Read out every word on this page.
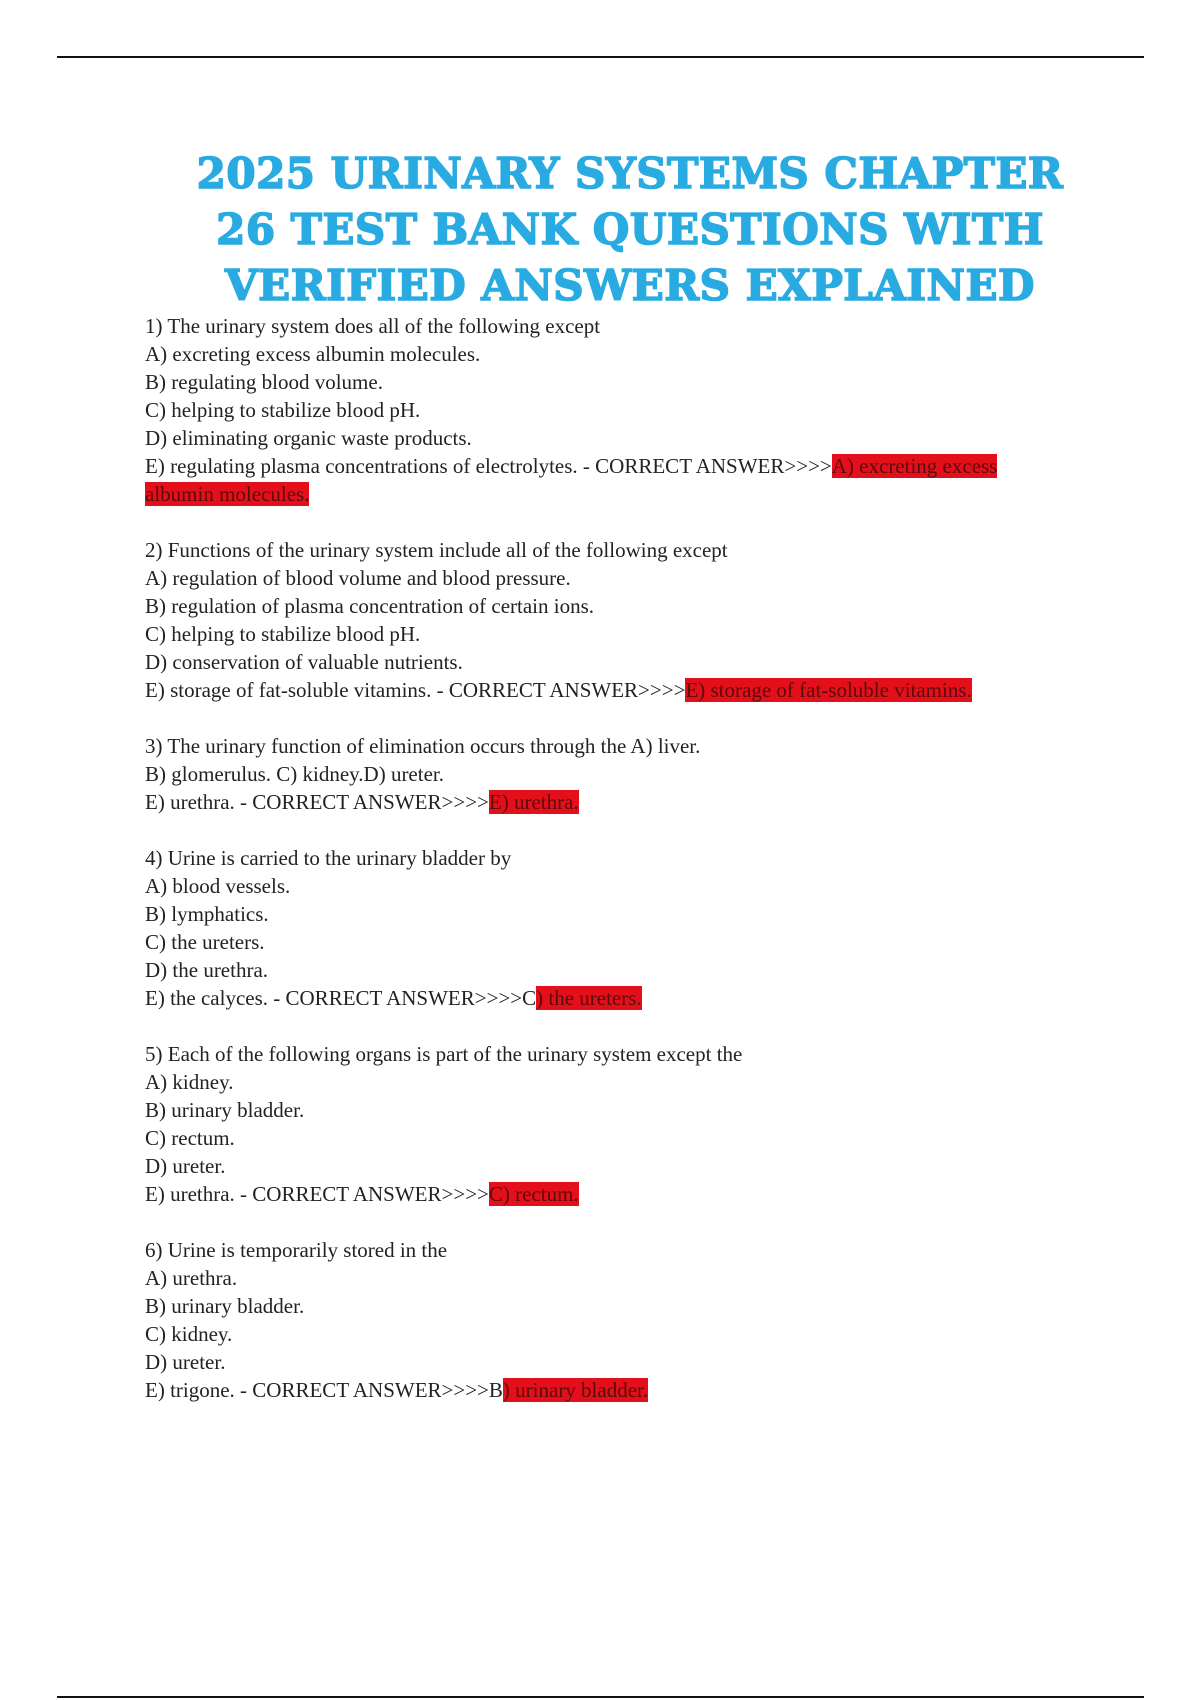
2025 URINARY SYSTEMS CHAPTER
26 TEST BANK QUESTIONS WITH
VERIFIED ANSWERS EXPLAINED

1) The urinary system does all of the following except

A) excreting excess albumin molecules.

B) regulating blood volume.

C) helping to stabilize blood pH.

D) eliminating organic waste products.

E) regulating plasma concentrations of electrolytes. - CORRECT ANSWER>>>>A) excreting excess albumin molecules.

2) Functions of the urinary system include all of the following except

A) regulation of blood volume and blood pressure.

B) regulation of plasma concentration of certain ions.

C) helping to stabilize blood pH.

D) conservation of valuable nutrients.

E) storage of fat-soluble vitamins. - CORRECT ANSWER>>>>E) storage of fat-soluble vitamins.

3) The urinary function of elimination occurs through the A) liver.

B) glomerulus. C) kidney.D) ureter.

E) urethra. - CORRECT ANSWER>>>>E) urethra.

4) Urine is carried to the urinary bladder by

A) blood vessels.

B) lymphatics.

C) the ureters.

D) the urethra.

E) the calyces. - CORRECT ANSWER>>>>C) the ureters.

5) Each of the following organs is part of the urinary system except the

A) kidney.

B) urinary bladder.

C) rectum.

D) ureter.

E) urethra. - CORRECT ANSWER>>>>C) rectum.

6) Urine is temporarily stored in the

A) urethra.

B) urinary bladder.

C) kidney.

D) ureter.

E) trigone. - CORRECT ANSWER>>>>B) urinary bladder.
